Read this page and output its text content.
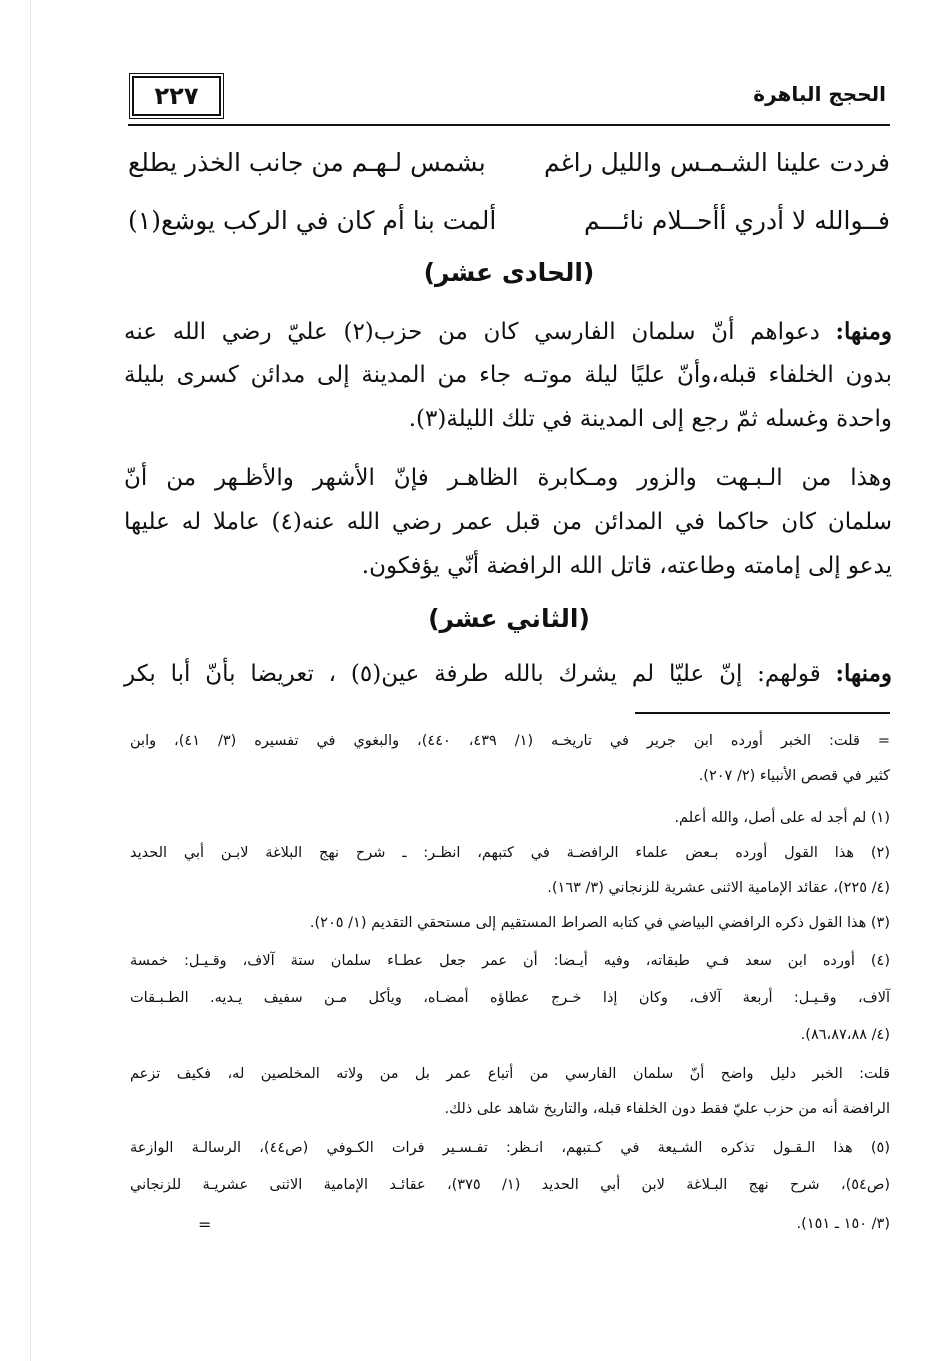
٢٢٧	الحجج الباهرة
فردت علينا الشـمـس والليل راغم
بشمس لـهـم من جانب الخذر يطلع
فــوالله لا أدري أأحــلام نائـــم
ألمت بنا أم كان في الركب يوشع(١)
(الحادى عشر)
ومنها: دعواهم أنّ سلمان الفارسي كان من حزب(٢) عليّ رضي الله عنه
بدون الخلفاء قبله،وأنّ عليًا ليلة موتـه جاء من المدينة إلى مدائن كسرى بليلة
واحدة وغسله ثمّ رجع إلى المدينة في تلك الليلة(٣).
وهذا من الـبـهت والزور ومـكابرة الظاهـر فإنّ الأشهر والأظـهر من أنّ
سلمان كان حاكما في المدائن من قبل عمر رضي الله عنه(٤) عاملا له عليها
يدعو إلى إمامته وطاعته، قاتل الله الرافضة أنّي يؤفكون.
(الثاني عشر)
ومنها: قولهم: إنّ عليّا لم يشرك بالله طرفة عين(٥) ، تعريضا بأنّ أبا بكر
= قلت: الخبر أورده ابن جرير في تاريخـه (١/ ٤٣٩، ٤٤٠)، والبغوي في تفسيره (٣/ ٤١)، وابن
كثير في قصص الأنبياء (٢/ ٢٠٧).
(١) لم أجد له على أصل، والله أعلم.
(٢) هذا القول أورده بـعض علماء الرافضـة في كتبهم، انظـر: ـ شرح نهج البلاغة لابـن أبي الحديد
(٤/ ٢٢٥)، عقائد الإمامية الاثنى عشرية للزنجاني (٣/ ١٦٣).
(٣) هذا القول ذكره الرافضي البياضي في كتابه الصراط المستقيم إلى مستحقي التقديم (١/ ٢٠٥).
(٤) أورده ابن سعد فـي طبقاته، وفيه أيـضا: أن عمر جعل عطـاء سلمان ستة آلاف، وقـيـل: خمسة
آلاف، وقـيـل: أربعة آلاف، وكان إذا خـرج عطاؤه أمضـاه، ويأكل مـن سفيف يـديه. الطـبـقات
(٤/ ٨٦،٨٧،٨٨).
قلت: الخبر دليل واضح أنّ سلمان الفارسي من أتباع عمر بل من ولاته المخلصين له، فكيف تزعم
الرافضة أنه من حزب عليّ فقط دون الخلفاء قبله، والتاريخ شاهد على ذلك.
(٥) هذا الـقـول تذكره الشـيعة في كـتبهم، انـظر: تفـسـير فرات الكـوفي (ص٤٤)، الرسالـة الوازعة
(ص٥٤)، شرح نهج البـلاغة لابن أبي الحديد (١/ ٣٧٥)، عقائـد الإمامية الاثنى عشريـة للزنجاني
(٣/ ١٥٠ ـ ١٥١).
=
